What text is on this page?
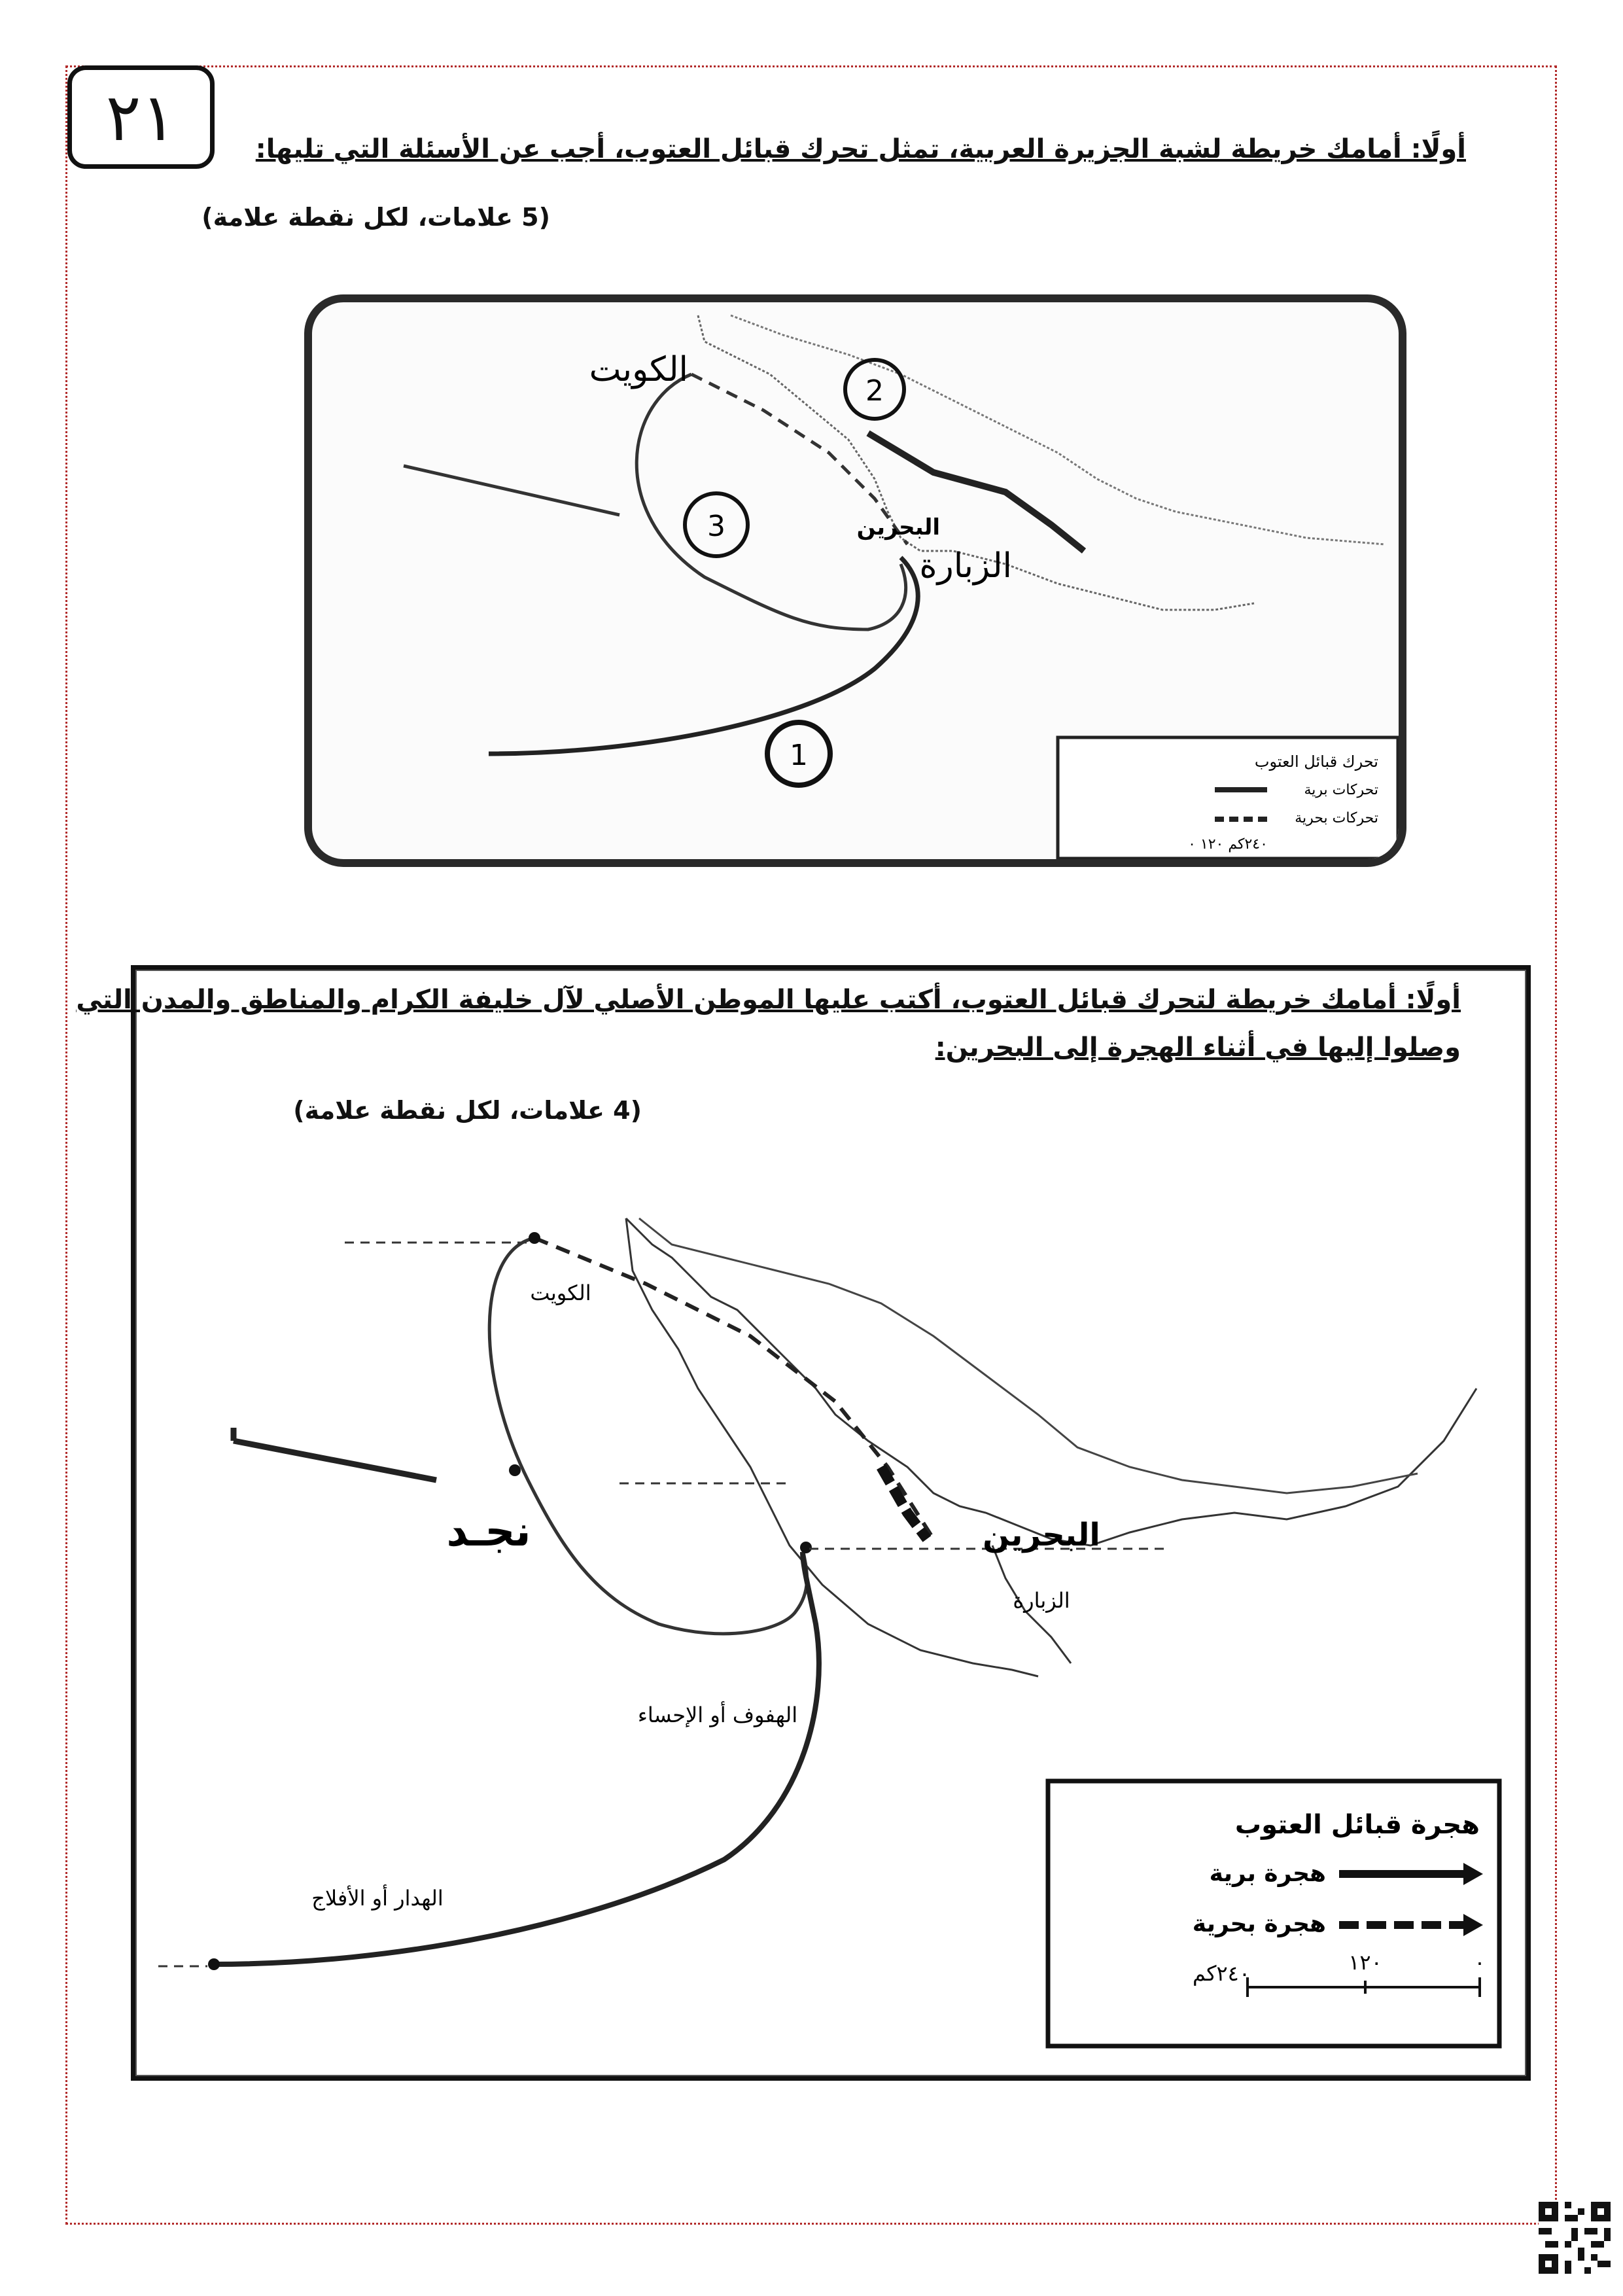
٢١	أولًا: أمامك خريطة لشبة الجزيرة العربية، تمثل تحرك قبائل العتوب، أجب عن الأسئلة التي تليها:
(5 علامات، لكل نقطة علامة)
2
3
1
الكويت
البحرين
الزبارة
تحرك قبائل العتوب
تحركات برية
تحركات بحرية
٢٤٠كم ١٢٠ ٠
أولًا: أمامك خريطة لتحرك قبائل العتوب، أكتب عليها الموطن الأصلي لآل خليفة الكرام والمناطق والمدن التي
وصلوا إليها في أثناء الهجرة إلى البحرين:
(4 علامات، لكل نقطة علامة)
الكويت
نجـد	البحرين
الزبارة
الهفوف أو الإحساء
الهدار أو الأفلاج
هجرة قبائل العتوب
هجرة برية
هجرة بحرية
٢٤٠كم	١٢٠	٠
